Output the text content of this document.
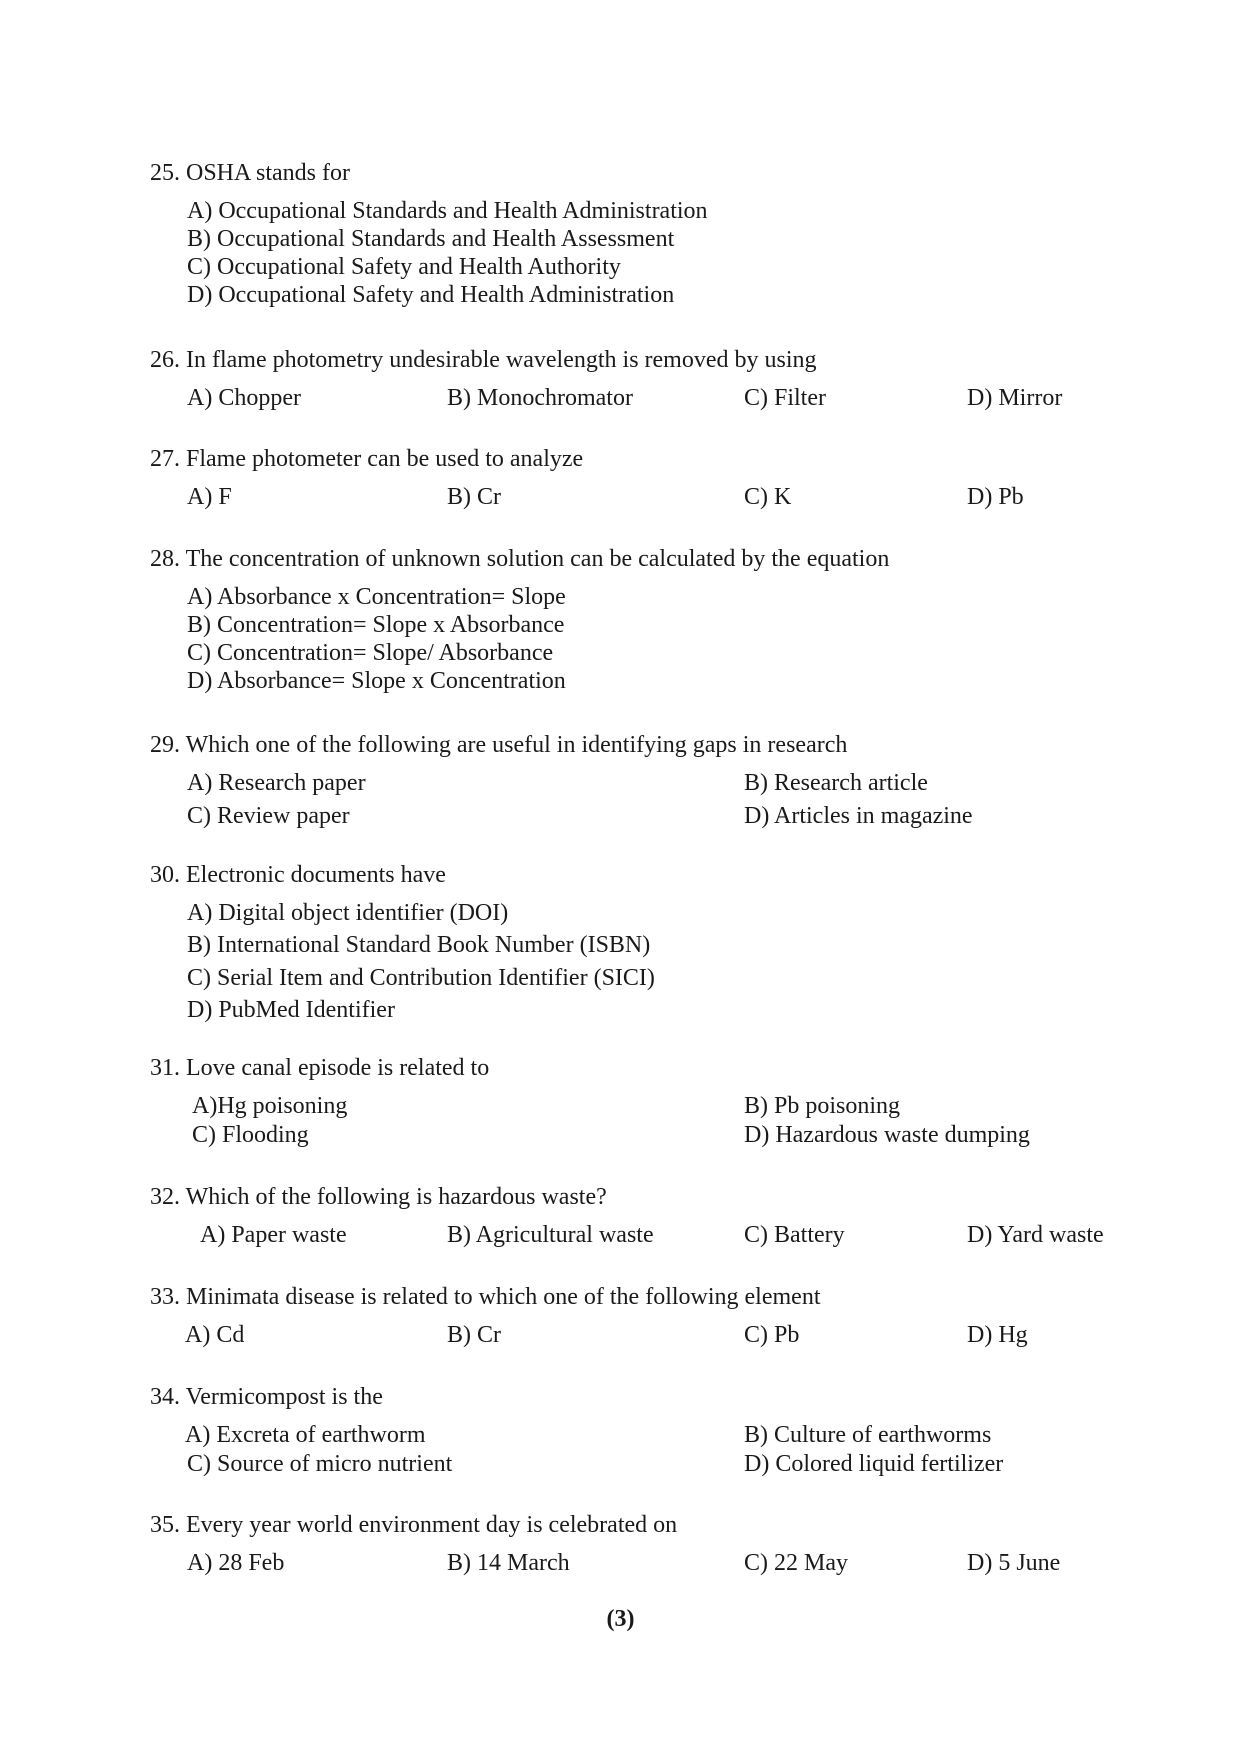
25. OSHA stands for
A) Occupational Standards and Health Administration
B) Occupational Standards and Health Assessment
C) Occupational Safety and Health Authority
D) Occupational Safety and Health Administration
26. In flame photometry undesirable wavelength is removed by using
A) Chopper	B) Monochromator	C) Filter	D) Mirror
27. Flame photometer can be used to analyze
A) F	B) Cr	C) K	D) Pb
28. The concentration of unknown solution can be calculated by the equation
A) Absorbance x Concentration= Slope
B) Concentration= Slope x Absorbance
C) Concentration= Slope/ Absorbance
D) Absorbance= Slope x Concentration
29. Which one of the following are useful in identifying gaps in research
A) Research paper	B) Research article
C) Review paper	D) Articles in magazine
30. Electronic documents have
A) Digital object identifier (DOI)
B) International Standard Book Number (ISBN)
C) Serial Item and Contribution Identifier (SICI)
D) PubMed Identifier
31. Love canal episode is related to
A)Hg poisoning	B) Pb poisoning
C) Flooding	D) Hazardous waste dumping
32. Which of the following is hazardous waste?
A) Paper waste	B) Agricultural waste	C) Battery	D) Yard waste
33. Minimata disease is related to which one of the following element
A) Cd	B) Cr	C) Pb	D) Hg
34. Vermicompost is the
A) Excreta of earthworm	B) Culture of earthworms
C) Source of micro nutrient	D) Colored liquid fertilizer
35. Every year world environment day is celebrated on
A) 28 Feb	B) 14 March	C) 22 May	D) 5 June
(3)
